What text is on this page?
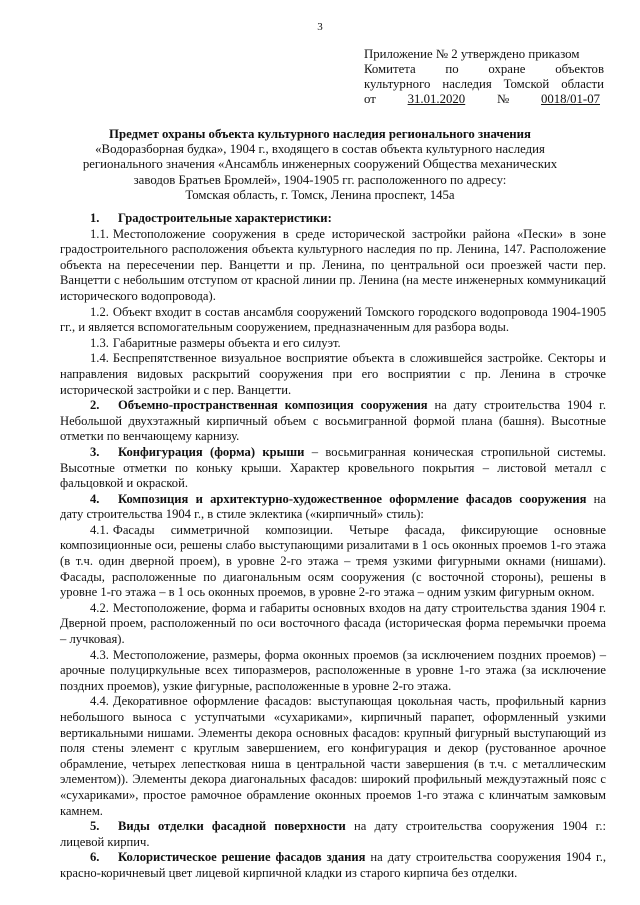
3
Приложение № 2 утверждено приказом
Комитета по охране объектов
культурного наследия Томской области
от	31.01.2020	№	0018/01-07
Предмет охраны объекта культурного наследия регионального значения
«Водоразборная будка», 1904 г., входящего в состав объекта культурного наследия
регионального значения «Ансамбль инженерных сооружений Общества механических
заводов Братьев Бромлей», 1904-1905 гг. расположенного по адресу:
Томская область, г. Томск, Ленина проспект, 145а

1. Градостроительные характеристики:

1.1. Местоположение сооружения в среде исторической застройки района «Пески» в зоне градостроительного расположения объекта культурного наследия по пр. Ленина, 147. Расположение объекта на пересечении пер. Ванцетти и пр. Ленина, по центральной оси проезжей части пер. Ванцетти с небольшим отступом от красной линии пр. Ленина (на месте инженерных коммуникаций исторического водопровода).

1.2. Объект входит в состав ансамбля сооружений Томского городского водопровода 1904-1905 гг., и является вспомогательным сооружением, предназначенным для разбора воды.

1.3. Габаритные размеры объекта и его силуэт.

1.4. Беспрепятственное визуальное восприятие объекта в сложившейся застройке. Секторы и направления видовых раскрытий сооружения при его восприятии с пр. Ленина в строчке исторической застройки и с пер. Ванцетти.

2. Объемно-пространственная композиция сооружения на дату строительства 1904 г. Небольшой двухэтажный кирпичный объем с восьмигранной формой плана (башня). Высотные отметки по венчающему карнизу.

3. Конфигурация (форма) крыши – восьмигранная коническая стропильной системы. Высотные отметки по коньку крыши. Характер кровельного покрытия – листовой металл с фальцовкой и окраской.

4. Композиция и архитектурно-художественное оформление фасадов сооружения на дату строительства 1904 г., в стиле эклектика («кирпичный» стиль):

4.1. Фасады симметричной композиции. Четыре фасада, фиксирующие основные композиционные оси, решены слабо выступающими ризалитами в 1 ось оконных проемов 1-го этажа (в т.ч. один дверной проем), в уровне 2-го этажа – тремя узкими фигурными окнами (нишами). Фасады, расположенные по диагональным осям сооружения (с восточной стороны), решены в уровне 1-го этажа – в 1 ось оконных проемов, в уровне 2-го этажа – одним узким фигурным окном.

4.2. Местоположение, форма и габариты основных входов на дату строительства здания 1904 г. Дверной проем, расположенный по оси восточного фасада (историческая форма перемычки проема – лучковая).

4.3. Местоположение, размеры, форма оконных проемов (за исключением поздних проемов) – арочные полуциркульные всех типоразмеров, расположенные в уровне 1-го этажа (за исключение поздних проемов), узкие фигурные, расположенные в уровне 2-го этажа.

4.4. Декоративное оформление фасадов: выступающая цокольная часть, профильный карниз небольшого выноса с уступчатыми «сухариками», кирпичный парапет, оформленный узкими вертикальными нишами. Элементы декора основных фасадов: крупный фигурный выступающий из поля стены элемент с круглым завершением, его конфигурация и декор (рустованное арочное обрамление, четырех лепестковая ниша в центральной части завершения (в т.ч. с металлическим элементом)). Элементы декора диагональных фасадов: широкий профильный междуэтажный пояс с «сухариками», простое рамочное обрамление оконных проемов 1-го этажа с клинчатым замковым камнем.

5. Виды отделки фасадной поверхности на дату строительства сооружения 1904 г.: лицевой кирпич.

6. Колористическое решение фасадов здания на дату строительства сооружения 1904 г., красно-коричневый цвет лицевой кирпичной кладки из старого кирпича без отделки.
